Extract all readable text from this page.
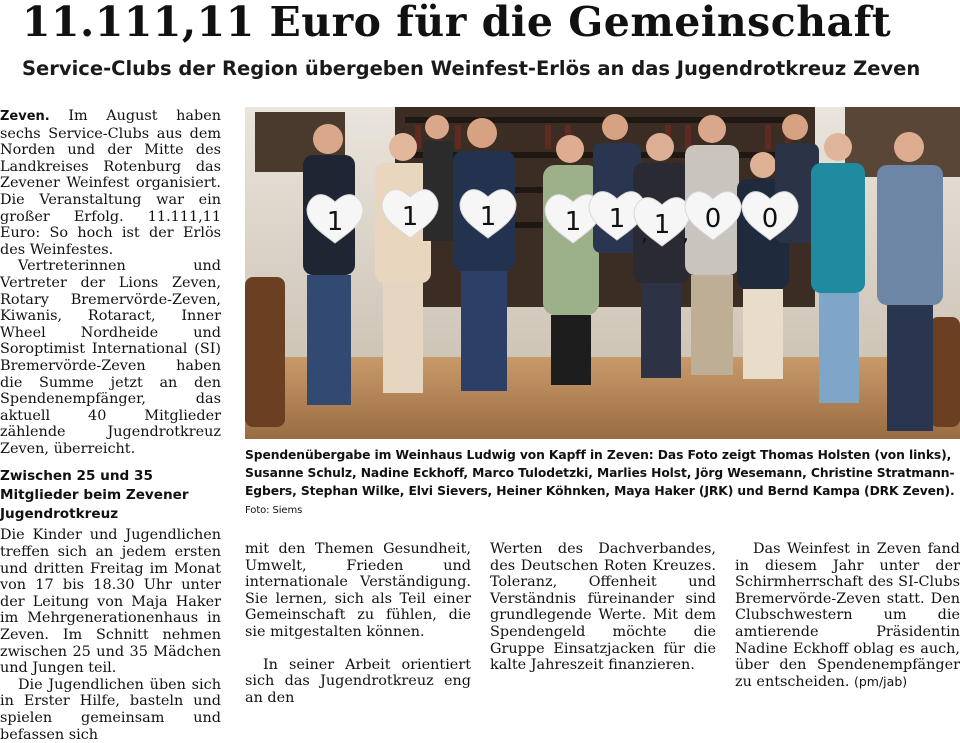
11.111,11 Euro für die Gemeinschaft
Service-Clubs der Region übergeben Weinfest-Erlös an das Jugendrotkreuz Zeven

Zeven. Im August haben sechs Service-Clubs aus dem Norden und der Mitte des Landkreises Rotenburg das Zevener Weinfest organisiert. Die Veranstaltung war ein großer Erfolg. 11.111,11 Euro: So hoch ist der Erlös des Weinfestes.

Vertreterinnen und Vertreter der Lions Zeven, Rotary Bremervörde-Zeven, Kiwanis, Rotaract, Inner Wheel Nordheide und Soroptimist International (SI) Bremervörde-Zeven haben die Summe jetzt an den Spendenempfänger, das aktuell 40 Mitglieder zählende Jugendrotkreuz Zeven, überreicht.

Zwischen 25 und 35 Mitglieder beim Zevener Jugendrotkreuz

Die Kinder und Jugendlichen treffen sich an jedem ersten und dritten Freitag im Monat von 17 bis 18.30 Uhr unter der Leitung von Maja Haker im Mehrgenerationenhaus in Zeven. Im Schnitt nehmen zwischen 25 und 35 Mädchen und Jungen teil.

Die Jugendlichen üben sich in Erster Hilfe, basteln und spielen gemeinsam und befassen sich

1 1 1	1 1 1 0 0
, ,
Spendenübergabe im Weinhaus Ludwig von Kapff in Zeven: Das Foto zeigt Thomas Holsten (von links), Susanne Schulz, Nadine Eckhoff, Marco Tulodetzki, Marlies Holst, Jörg Wesemann, Christine Stratmann-Egbers, Stephan Wilke, Elvi Sievers, Heiner Köhnken, Maya Haker (JRK) und Bernd Kampa (DRK Zeven). Foto: Siems

mit den Themen Gesundheit, Umwelt, Frieden und internationale Verständigung. Sie lernen, sich als Teil einer Gemeinschaft zu fühlen, die sie mitgestalten können.

In seiner Arbeit orientiert sich das Jugendrotkreuz eng an den

Werten des Dachverbandes, des Deutschen Roten Kreuzes. Toleranz, Offenheit und Verständnis füreinander sind grundlegende Werte. Mit dem Spendengeld möchte die Gruppe Einsatzjacken für die kalte Jahreszeit finanzieren.

Das Weinfest in Zeven fand in diesem Jahr unter der Schirmherrschaft des SI-Clubs Bremervörde-Zeven statt. Den Clubschwestern um die amtierende Präsidentin Nadine Eckhoff oblag es auch, über den Spendenempfänger zu entscheiden. (pm/jab)
